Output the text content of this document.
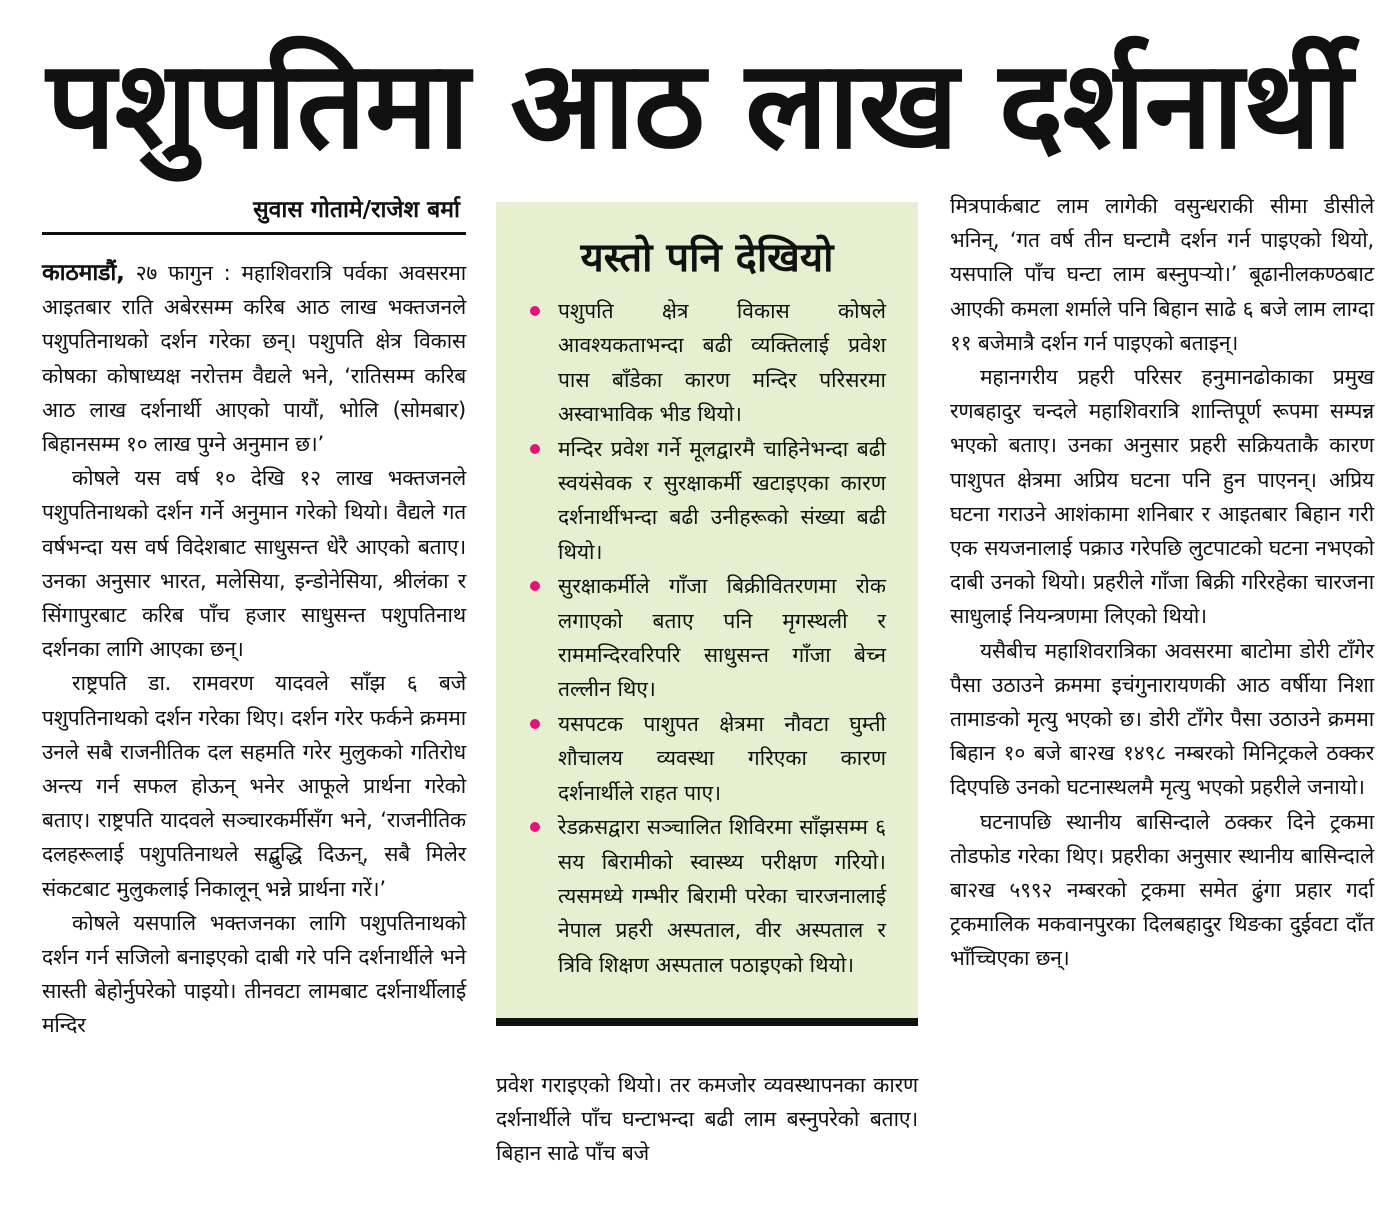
पशुपतिमा आठ लाख दर्शनार्थी
सुवास गोतामे/राजेश बर्मा

काठमाडौं, २७ फागुन : महाशिवरात्रि पर्वका अवसरमा आइतबार राति अबेरसम्म करिब आठ लाख भक्तजनले पशुपतिनाथको दर्शन गरेका छन्। पशुपति क्षेत्र विकास कोषका कोषाध्यक्ष नरोत्तम वैद्यले भने, ‘रातिसम्म करिब आठ लाख दर्शनार्थी आएको पायौं, भोलि (सोमबार) बिहानसम्म १० लाख पुग्ने अनुमान छ।’

कोषले यस वर्ष १० देखि १२ लाख भक्तजनले पशुपतिनाथको दर्शन गर्ने अनुमान गरेको थियो। वैद्यले गत वर्षभन्दा यस वर्ष विदेशबाट साधुसन्त धेरै आएको बताए। उनका अनुसार भारत, मलेसिया, इन्डोनेसिया, श्रीलंका र सिंगापुरबाट करिब पाँच हजार साधुसन्त पशुपतिनाथ दर्शनका लागि आएका छन्।

राष्ट्रपति डा. रामवरण यादवले साँझ ६ बजे पशुपतिनाथको दर्शन गरेका थिए। दर्शन गरेर फर्कने क्रममा उनले सबै राजनीतिक दल सहमति गरेर मुलुकको गतिरोध अन्त्य गर्न सफल होऊन् भनेर आफूले प्रार्थना गरेको बताए। राष्ट्रपति यादवले सञ्चारकर्मीसँग भने, ‘राजनीतिक दलहरूलाई पशुपतिनाथले सद्बुद्धि दिऊन्, सबै मिलेर संकटबाट मुलुकलाई निकालून् भन्ने प्रार्थना गरें।’

कोषले यसपालि भक्तजनका लागि पशुपतिनाथको दर्शन गर्न सजिलो बनाइएको दाबी गरे पनि दर्शनार्थीले भने सास्ती बेहोर्नुपरेको पाइयो। तीनवटा लामबाट दर्शनार्थीलाई मन्दिर

यस्तो पनि देखियो
पशुपति क्षेत्र विकास कोषले आवश्यकताभन्दा बढी व्यक्तिलाई प्रवेश पास बाँडेका कारण मन्दिर परिसरमा अस्वाभाविक भीड थियो।
मन्दिर प्रवेश गर्ने मूलद्वारमै चाहिनेभन्दा बढी स्वयंसेवक र सुरक्षाकर्मी खटाइएका कारण दर्शनार्थीभन्दा बढी उनीहरूको संख्या बढी थियो।
सुरक्षाकर्मीले गाँजा बिक्रीवितरणमा रोक लगाएको बताए पनि मृगस्थली र राममन्दिरवरिपरि साधुसन्त गाँजा बेच्न तल्लीन थिए।
यसपटक पाशुपत क्षेत्रमा नौवटा घुम्ती शौचालय व्यवस्था गरिएका कारण दर्शनार्थीले राहत पाए।
रेडक्रसद्वारा सञ्चालित शिविरमा साँझसम्म ६ सय बिरामीको स्वास्थ्य परीक्षण गरियो। त्यसमध्ये गम्भीर बिरामी परेका चारजनालाई नेपाल प्रहरी अस्पताल, वीर अस्पताल र त्रिवि शिक्षण अस्पताल पठाइएको थियो।

प्रवेश गराइएको थियो। तर कमजोर व्यवस्थापनका कारण दर्शनार्थीले पाँच घन्टाभन्दा बढी लाम बस्नुपरेको बताए। बिहान साढे पाँच बजे

मित्रपार्कबाट लाम लागेकी वसुन्धराकी सीमा डीसीले भनिन्, ‘गत वर्ष तीन घन्टामै दर्शन गर्न पाइएको थियो, यसपालि पाँच घन्टा लाम बस्नुपर्‍यो।’ बूढानीलकण्ठबाट आएकी कमला शर्माले पनि बिहान साढे ६ बजे लाम लाग्दा ११ बजेमात्रै दर्शन गर्न पाइएको बताइन्।

महानगरीय प्रहरी परिसर हनुमानढोकाका प्रमुख रणबहादुर चन्दले महाशिवरात्रि शान्तिपूर्ण रूपमा सम्पन्न भएको बताए। उनका अनुसार प्रहरी सक्रियताकै कारण पाशुपत क्षेत्रमा अप्रिय घटना पनि हुन पाएनन्। अप्रिय घटना गराउने आशंकामा शनिबार र आइतबार बिहान गरी एक सयजनालाई पक्राउ गरेपछि लुटपाटको घटना नभएको दाबी उनको थियो। प्रहरीले गाँजा बिक्री गरिरहेका चारजना साधुलाई नियन्त्रणमा लिएको थियो।

यसैबीच महाशिवरात्रिका अवसरमा बाटोमा डोरी टाँगेर पैसा उठाउने क्रममा इचंगुनारायणकी आठ वर्षीया निशा तामाङको मृत्यु भएको छ। डोरी टाँगेर पैसा उठाउने क्रममा बिहान १० बजे बा२ख १४९८ नम्बरको मिनिट्रकले ठक्कर दिएपछि उनको घटनास्थलमै मृत्यु भएको प्रहरीले जनायो।

घटनापछि स्थानीय बासिन्दाले ठक्कर दिने ट्रकमा तोडफोड गरेका थिए। प्रहरीका अनुसार स्थानीय बासिन्दाले बा२ख ५९९२ नम्बरको ट्रकमा समेत ढुंगा प्रहार गर्दा ट्रकमालिक मकवानपुरका दिलबहादुर थिङका दुईवटा दाँत भाँच्चिएका छन्।
